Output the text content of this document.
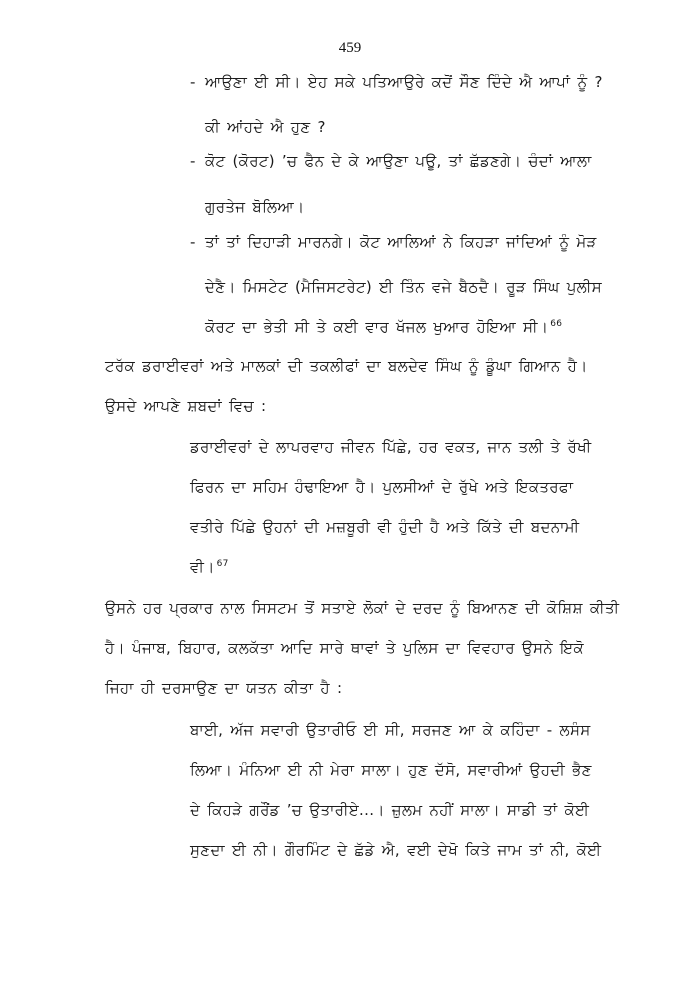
459
- ਆਉਣਾ ਈ ਸੀ। ਏਹ ਸਕੇ ਪਤਿਆਉਰੇ ਕਦੋਂ ਸੌਣ ਦਿੰਦੇ ਐ ਆਪਾਂ ਨੂੰ ?
ਕੀ ਆਂਹਦੇ ਐ ਹੁਣ ?
- ਕੋਟ (ਕੋਰਟ) ’ਚ ਫੈਨ ਦੇ ਕੇ ਆਉਣਾ ਪਊ, ਤਾਂ ਛੱਡਣਗੇ। ਚੰਦਾਂ ਆਲਾ
ਗੁਰਤੇਜ ਬੋਲਿਆ।
- ਤਾਂ ਤਾਂ ਦਿਹਾੜੀ ਮਾਰਨਗੇ। ਕੋਟ ਆਲਿਆਂ ਨੇ ਕਿਹੜਾ ਜਾਂਦਿਆਂ ਨੂੰ ਮੋੜ
ਦੇਣੈ। ਮਿਸਟੇਟ (ਮੈਜਿਸਟਰੇਟ) ਈ ਤਿੰਨ ਵਜੇ ਬੈਠਦੈ। ਰੂੜ ਸਿੰਘ ਪੁਲੀਸ
ਕੋਰਟ ਦਾ ਭੇਤੀ ਸੀ ਤੇ ਕਈ ਵਾਰ ਖੱਜਲ ਖੁਆਰ ਹੋਇਆ ਸੀ। $^{66}$
ਟਰੱਕ ਡਰਾਈਵਰਾਂ ਅਤੇ ਮਾਲਕਾਂ ਦੀ ਤਕਲੀਫਾਂ ਦਾ ਬਲਦੇਵ ਸਿੰਘ ਨੂੰ ਡੂੰਘਾ ਗਿਆਨ ਹੈ।
ਉਸਦੇ ਆਪਣੇ ਸ਼ਬਦਾਂ ਵਿਚ :
ਡਰਾਈਵਰਾਂ ਦੇ ਲਾਪਰਵਾਹ ਜੀਵਨ ਪਿੱਛੇ, ਹਰ ਵਕਤ, ਜਾਨ ਤਲੀ ਤੇ ਰੱਖੀ
ਫਿਰਨ ਦਾ ਸਹਿਮ ਹੰਢਾਇਆ ਹੈ। ਪੁਲਸੀਆਂ ਦੇ ਰੁੱਖੇ ਅਤੇ ਇਕਤਰਫਾ
ਵਤੀਰੇ ਪਿੱਛੇ ਉਹਨਾਂ ਦੀ ਮਜ਼ਬੂਰੀ ਵੀ ਹੁੰਦੀ ਹੈ ਅਤੇ ਕਿੱਤੇ ਦੀ ਬਦਨਾਮੀ
ਵੀ। $^{67}$
ਉਸਨੇ ਹਰ ਪ੍ਰਕਾਰ ਨਾਲ ਸਿਸਟਮ ਤੋਂ ਸਤਾਏ ਲੋਕਾਂ ਦੇ ਦਰਦ ਨੂੰ ਬਿਆਨਣ ਦੀ ਕੋਸ਼ਿਸ਼ ਕੀਤੀ
ਹੈ। ਪੰਜਾਬ, ਬਿਹਾਰ, ਕਲਕੱਤਾ ਆਦਿ ਸਾਰੇ ਥਾਵਾਂ ਤੇ ਪੁਲਿਸ ਦਾ ਵਿਵਹਾਰ ਉਸਨੇ ਇਕੋ
ਜਿਹਾ ਹੀ ਦਰਸਾਉਣ ਦਾ ਯਤਨ ਕੀਤਾ ਹੈ :
ਬਾਈ, ਅੱਜ ਸਵਾਰੀ ਉਤਾਰੀਓ ਈ ਸੀ, ਸਰਜਣ ਆ ਕੇ ਕਹਿੰਦਾ - ਲਸੰਸ
ਲਿਆ। ਮੰਨਿਆ ਈ ਨੀ ਮੇਰਾ ਸਾਲਾ। ਹੁਣ ਦੱਸੋ, ਸਵਾਰੀਆਂ ਉਹਦੀ ਭੈਣ
ਦੇ ਕਿਹੜੇ ਗਰੌਂਡ ’ਚ ਉਤਾਰੀਏ...। ਜ਼ੁਲਮ ਨਹੀਂ ਸਾਲਾ। ਸਾਡੀ ਤਾਂ ਕੋਈ
ਸੁਣਦਾ ਈ ਨੀ। ਗੌਰਮਿੰਟ ਦੇ ਛੱਡੇ ਐ, ਵਈ ਦੇਖੋ ਕਿਤੇ ਜਾਮ ਤਾਂ ਨੀ, ਕੋਈ
